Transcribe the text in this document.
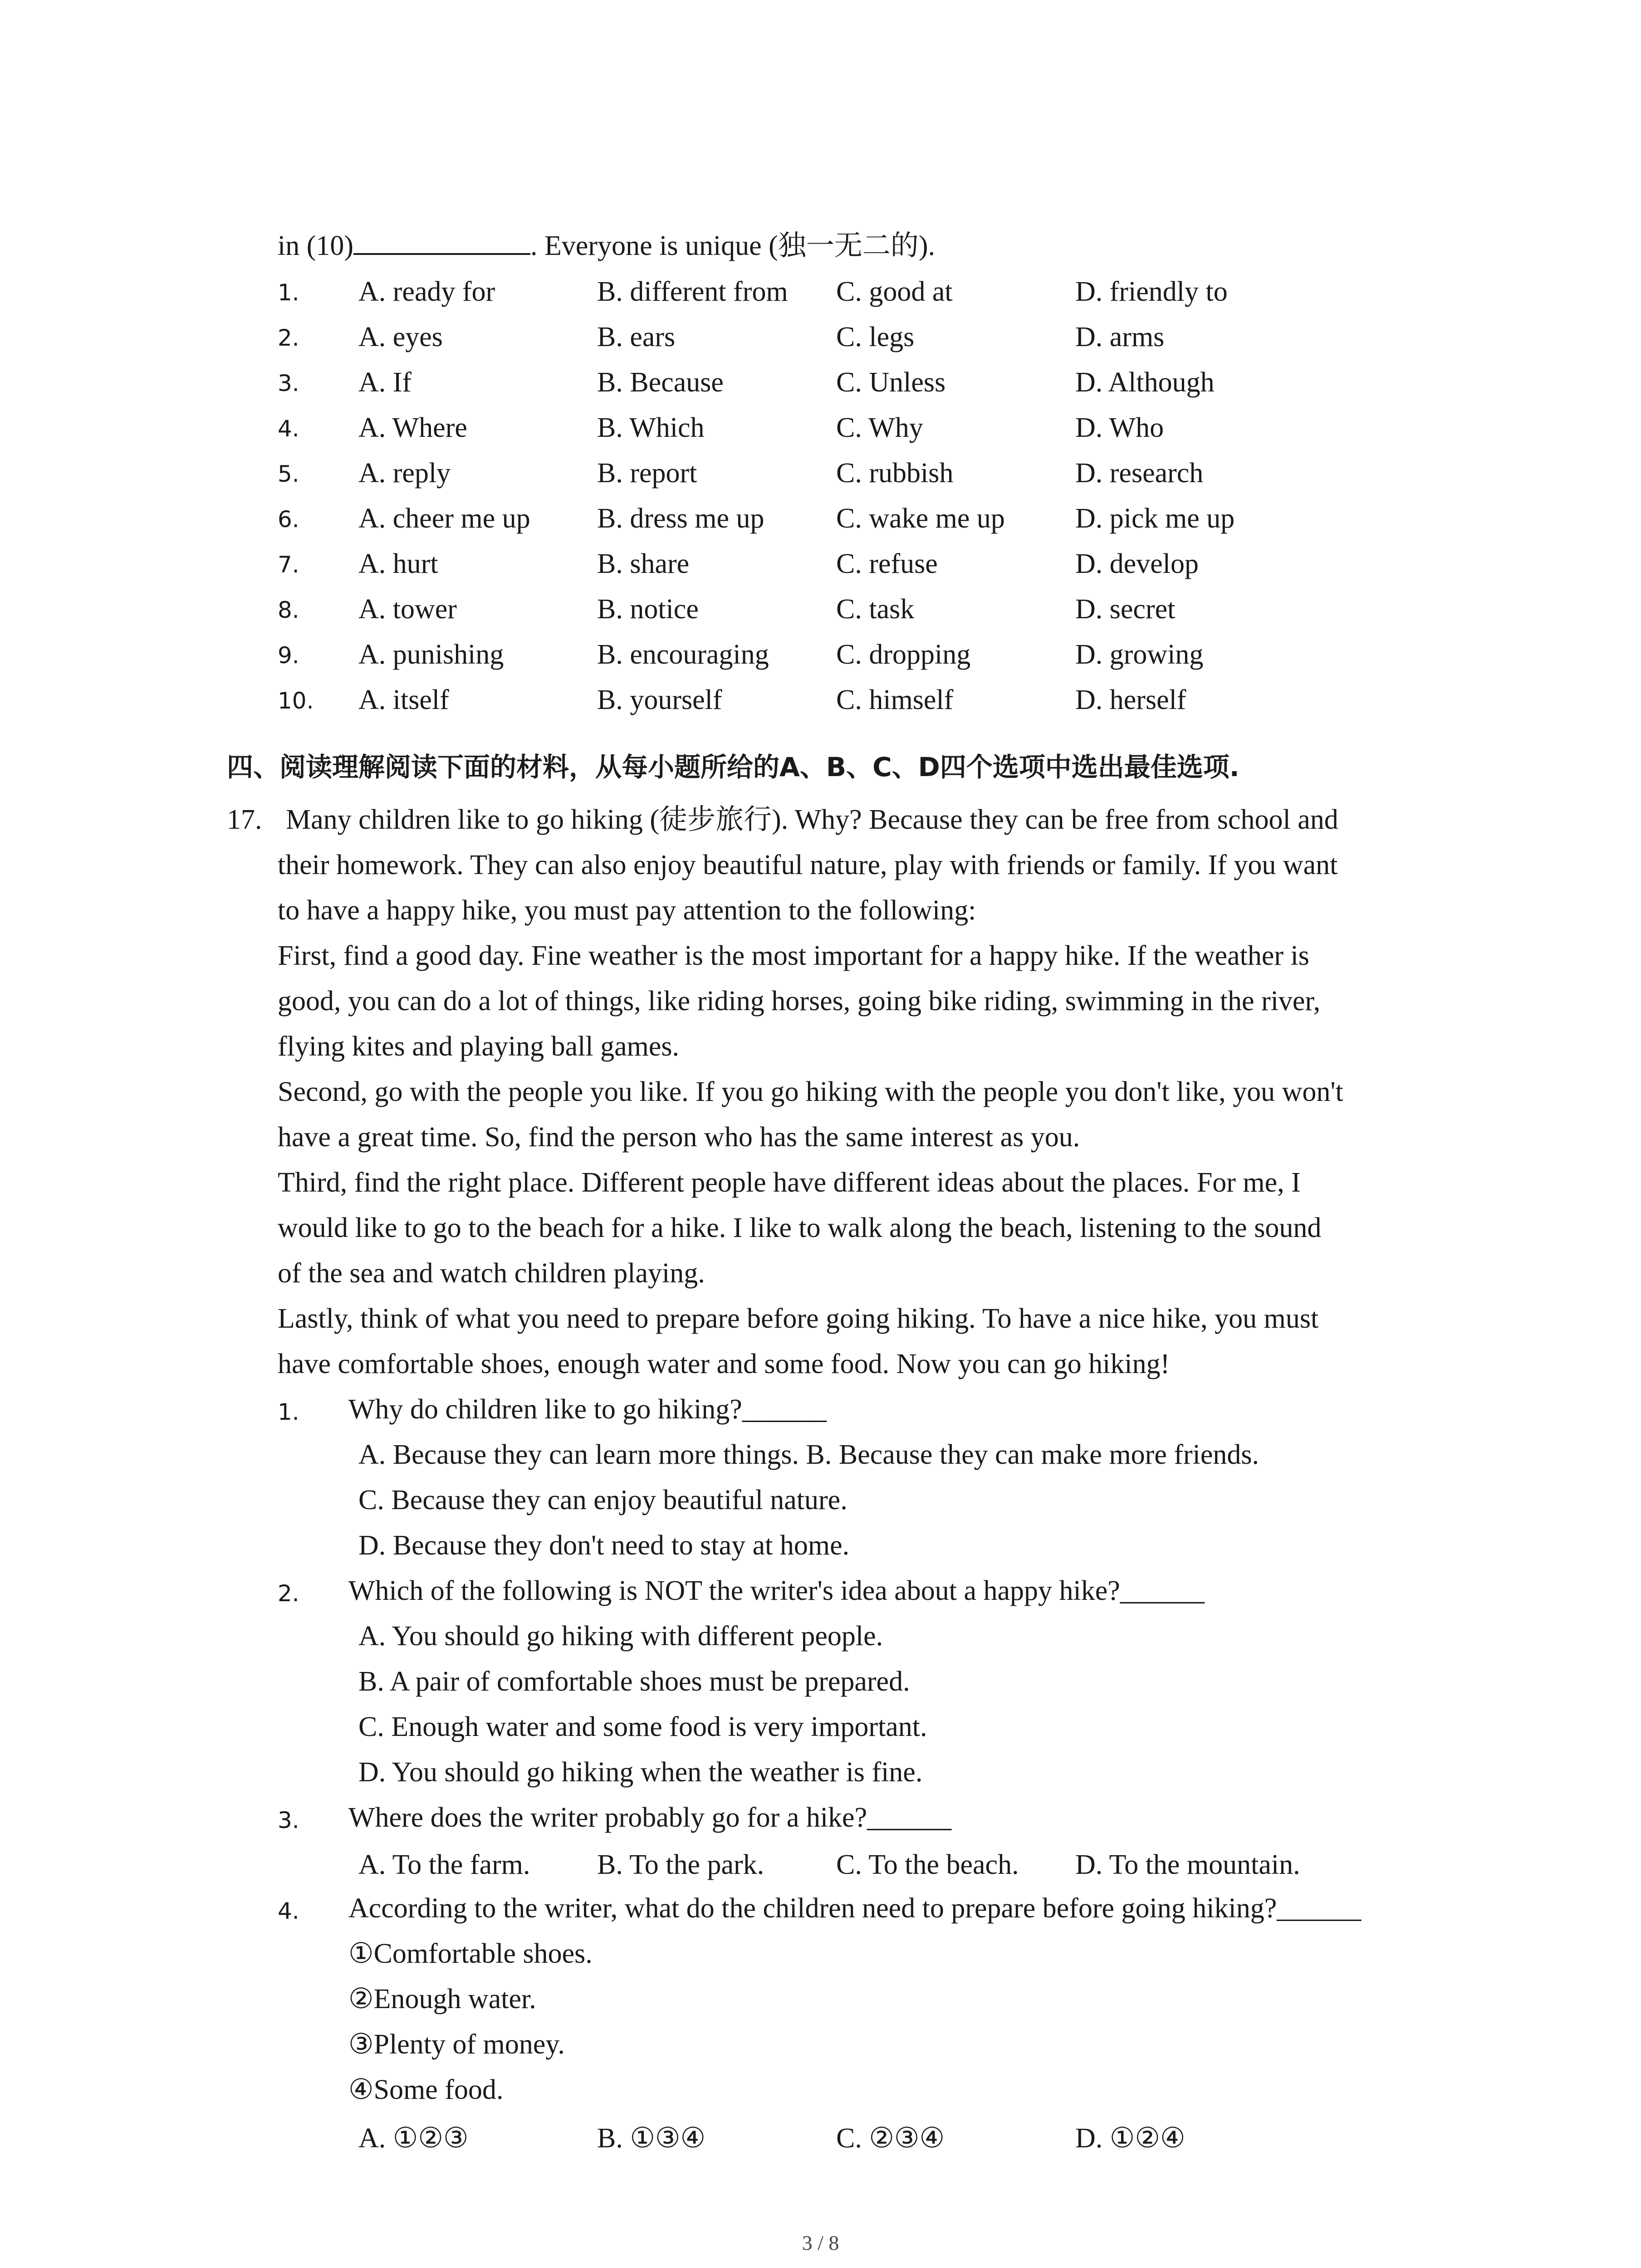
in (10)	. Everyone is unique (独一无二的).
1. A. ready for	B. different from C. good at	D. friendly to
2. A. eyes	B. ears	C. legs	D. arms
3. A. If	B. Because	C. Unless	D. Although
4. A. Where	B. Which	C. Why	D. Who
5. A. reply	B. report	C. rubbish	D. research
6. A. cheer me up B. dress me up	C. wake me up	D. pick me up
7. A. hurt	B. share	C. refuse	D. develop
8. A. tower	B. notice	C. task	D. secret
9. A. punishing	B. encouraging C. dropping	D. growing
10. A. itself	B. yourself	C. himself	D. herself
四、阅读理解阅读下面的材料，从每小题所给的A、B、C、D四个选项中选出最佳选项.
17. Many children like to go hiking (徒步旅行). Why? Because they can be free from school and
their homework. They can also enjoy beautiful nature, play with friends or family. If you want
to have a happy hike, you must pay attention to the following:
First, find a good day. Fine weather is the most important for a happy hike. If the weather is
good, you can do a lot of things, like riding horses, going bike riding, swimming in the river,
flying kites and playing ball games.
Second, go with the people you like. If you go hiking with the people you don't like, you won't
have a great time. So, find the person who has the same interest as you.
Third, find the right place. Different people have different ideas about the places. For me, I
would like to go to the beach for a hike. I like to walk along the beach, listening to the sound
of the sea and watch children playing.
Lastly, think of what you need to prepare before going hiking. To have a nice hike, you must
have comfortable shoes, enough water and some food. Now you can go hiking!
1. Why do children like to go hiking?______
A. Because they can learn more things. B. Because they can make more friends.
C. Because they can enjoy beautiful nature.
D. Because they don't need to stay at home.
2. Which of the following is NOT the writer's idea about a happy hike?______
A. You should go hiking with different people.
B. A pair of comfortable shoes must be prepared.
C. Enough water and some food is very important.
D. You should go hiking when the weather is fine.
3. Where does the writer probably go for a hike?______
A. To the farm. B. To the park.	C. To the beach. D. To the mountain.
4. According to the writer, what do the children need to prepare before going hiking?______
①Comfortable shoes.
②Enough water.
③Plenty of money.
④Some food.
A. ①②③	B. ①③④	C. ②③④	D. ①②④
3 / 8
